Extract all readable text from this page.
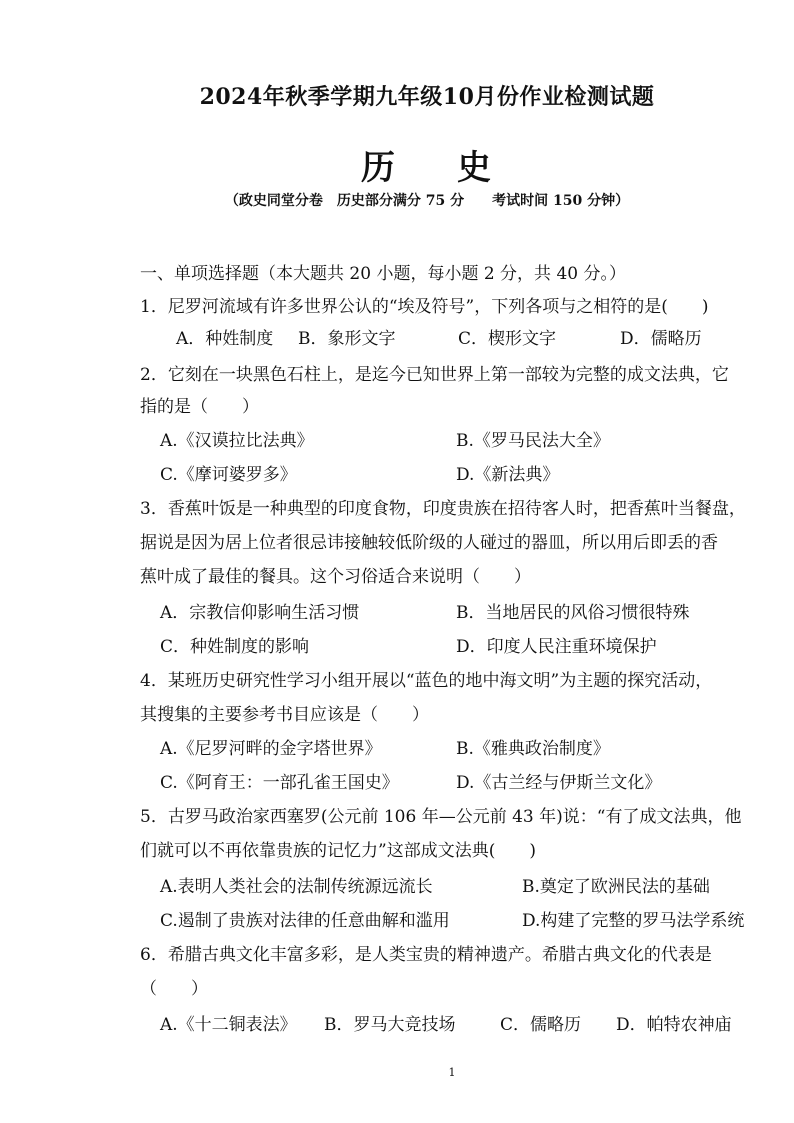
2024年秋季学期九年级10月份作业检测试题
历 史
（政史同堂分卷　历史部分满分 75 分　　考试时间 150 分钟）
一、单项选择题（本大题共 20 小题，每小题 2 分，共 40 分。）
1．尼罗河流域有许多世界公认的“埃及符号”，下列各项与之相符的是(　　)
A．种姓制度 B．象形文字	C．楔形文字	D．儒略历
2．它刻在一块黑色石柱上，是迄今已知世界上第一部较为完整的成文法典，它
指的是（　　）
A.《汉谟拉比法典》	B.《罗马民法大全》
C.《摩诃婆罗多》	D.《新法典》
3．香蕉叶饭是一种典型的印度食物，印度贵族在招待客人时，把香蕉叶当餐盘，
据说是因为居上位者很忌讳接触较低阶级的人碰过的器皿，所以用后即丢的香
蕉叶成了最佳的餐具。这个习俗适合来说明（　　）
A．宗教信仰影响生活习惯	B．当地居民的风俗习惯很特殊
C．种姓制度的影响	D．印度人民注重环境保护
4．某班历史研究性学习小组开展以“蓝色的地中海文明”为主题的探究活动，
其搜集的主要参考书目应该是（　　）
A.《尼罗河畔的金字塔世界》	B.《雅典政治制度》
C.《阿育王：一部孔雀王国史》	D.《古兰经与伊斯兰文化》
5．古罗马政治家西塞罗(公元前 106 年—公元前 43 年)说：“有了成文法典，他
们就可以不再依靠贵族的记忆力”这部成文法典(　　)
A.表明人类社会的法制传统源远流长	B.奠定了欧洲民法的基础
C.遏制了贵族对法律的任意曲解和滥用	D.构建了完整的罗马法学系统
6．希腊古典文化丰富多彩，是人类宝贵的精神遗产。希腊古典文化的代表是
（　　）
A.《十二铜表法》 B．罗马大竞技场	C．儒略历 D．帕特农神庙
1
